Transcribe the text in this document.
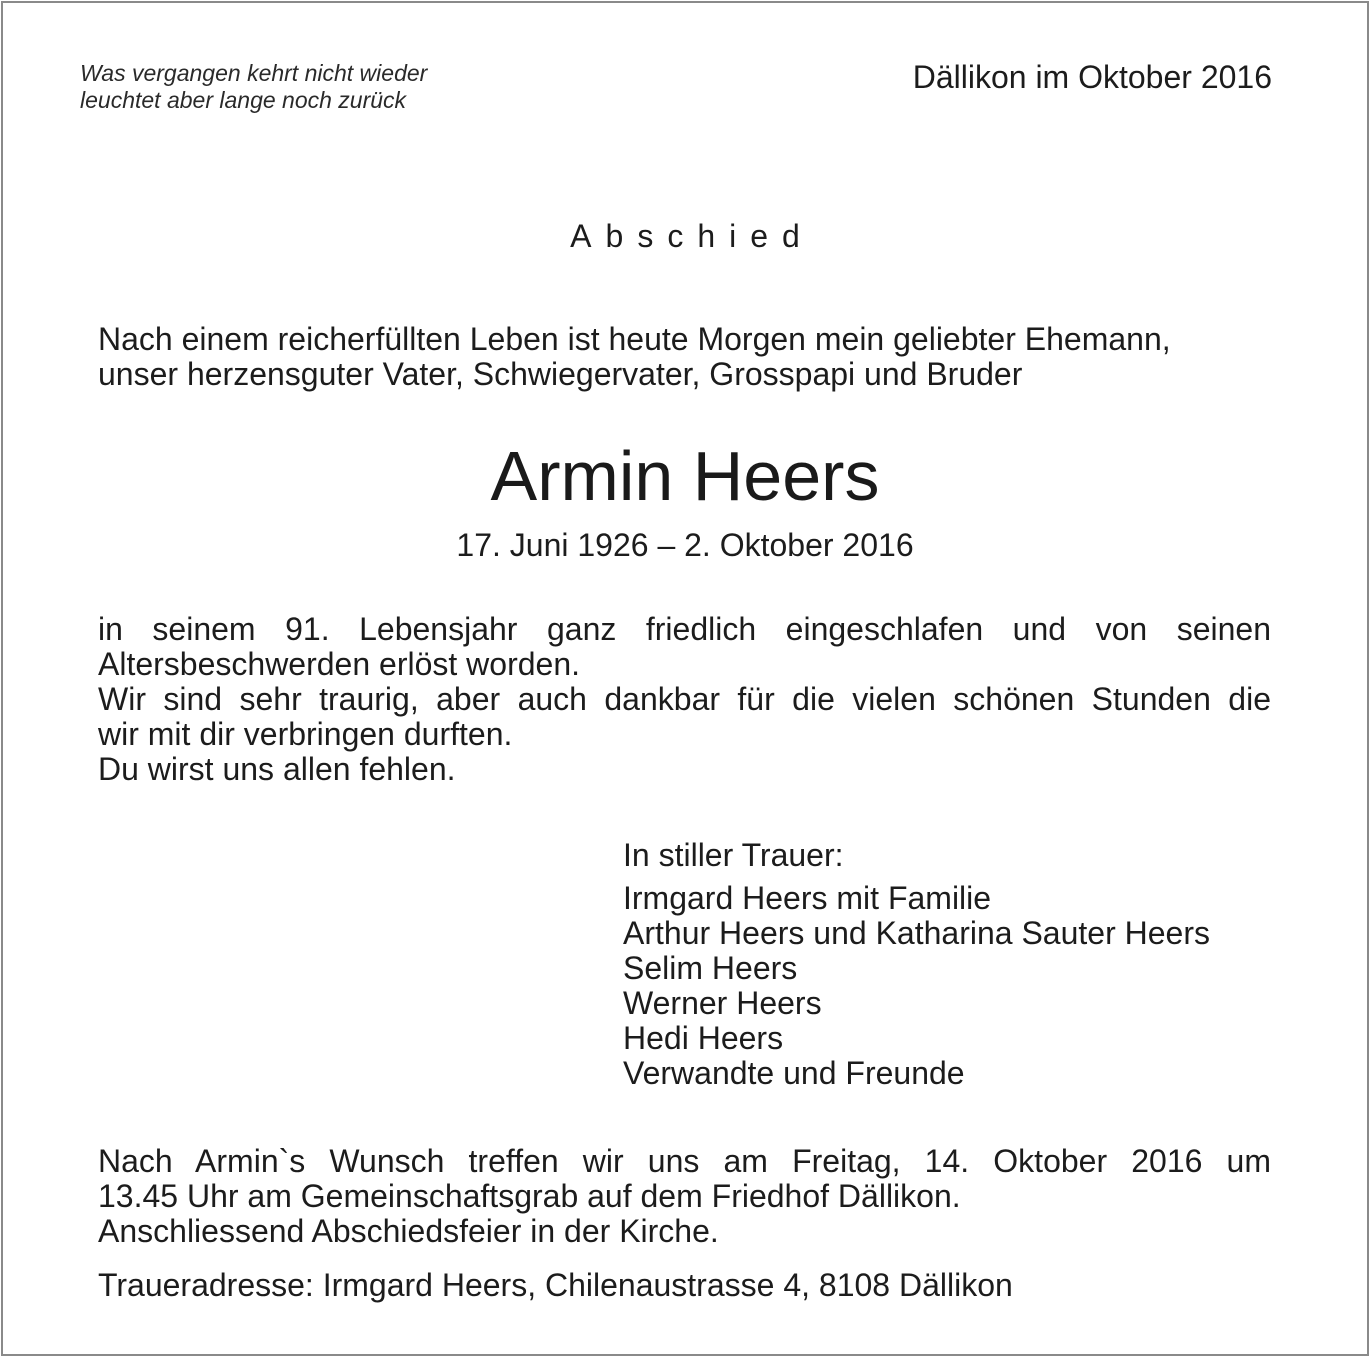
Was vergangen kehrt nicht wieder
leuchtet aber lange noch zurück
Dällikon im Oktober 2016
Abschied
Nach einem reicherfüllten Leben ist heute Morgen mein geliebter Ehemann,
unser herzensguter Vater, Schwiegervater, Grosspapi und Bruder
Armin Heers
17. Juni 1926 – 2. Oktober 2016
in seinem 91. Lebensjahr ganz friedlich eingeschlafen und von seinen
Altersbeschwerden erlöst worden.
Wir sind sehr traurig, aber auch dankbar für die vielen schönen Stunden die
wir mit dir verbringen durften.
Du wirst uns allen fehlen.
In stiller Trauer:
Irmgard Heers mit Familie
Arthur Heers und Katharina Sauter Heers
Selim Heers
Werner Heers
Hedi Heers
Verwandte und Freunde
Nach Armin`s Wunsch treffen wir uns am Freitag, 14. Oktober 2016 um
13.45 Uhr am Gemeinschaftsgrab auf dem Friedhof Dällikon.
Anschliessend Abschiedsfeier in der Kirche.
Traueradresse: Irmgard Heers, Chilenaustrasse 4, 8108 Dällikon
